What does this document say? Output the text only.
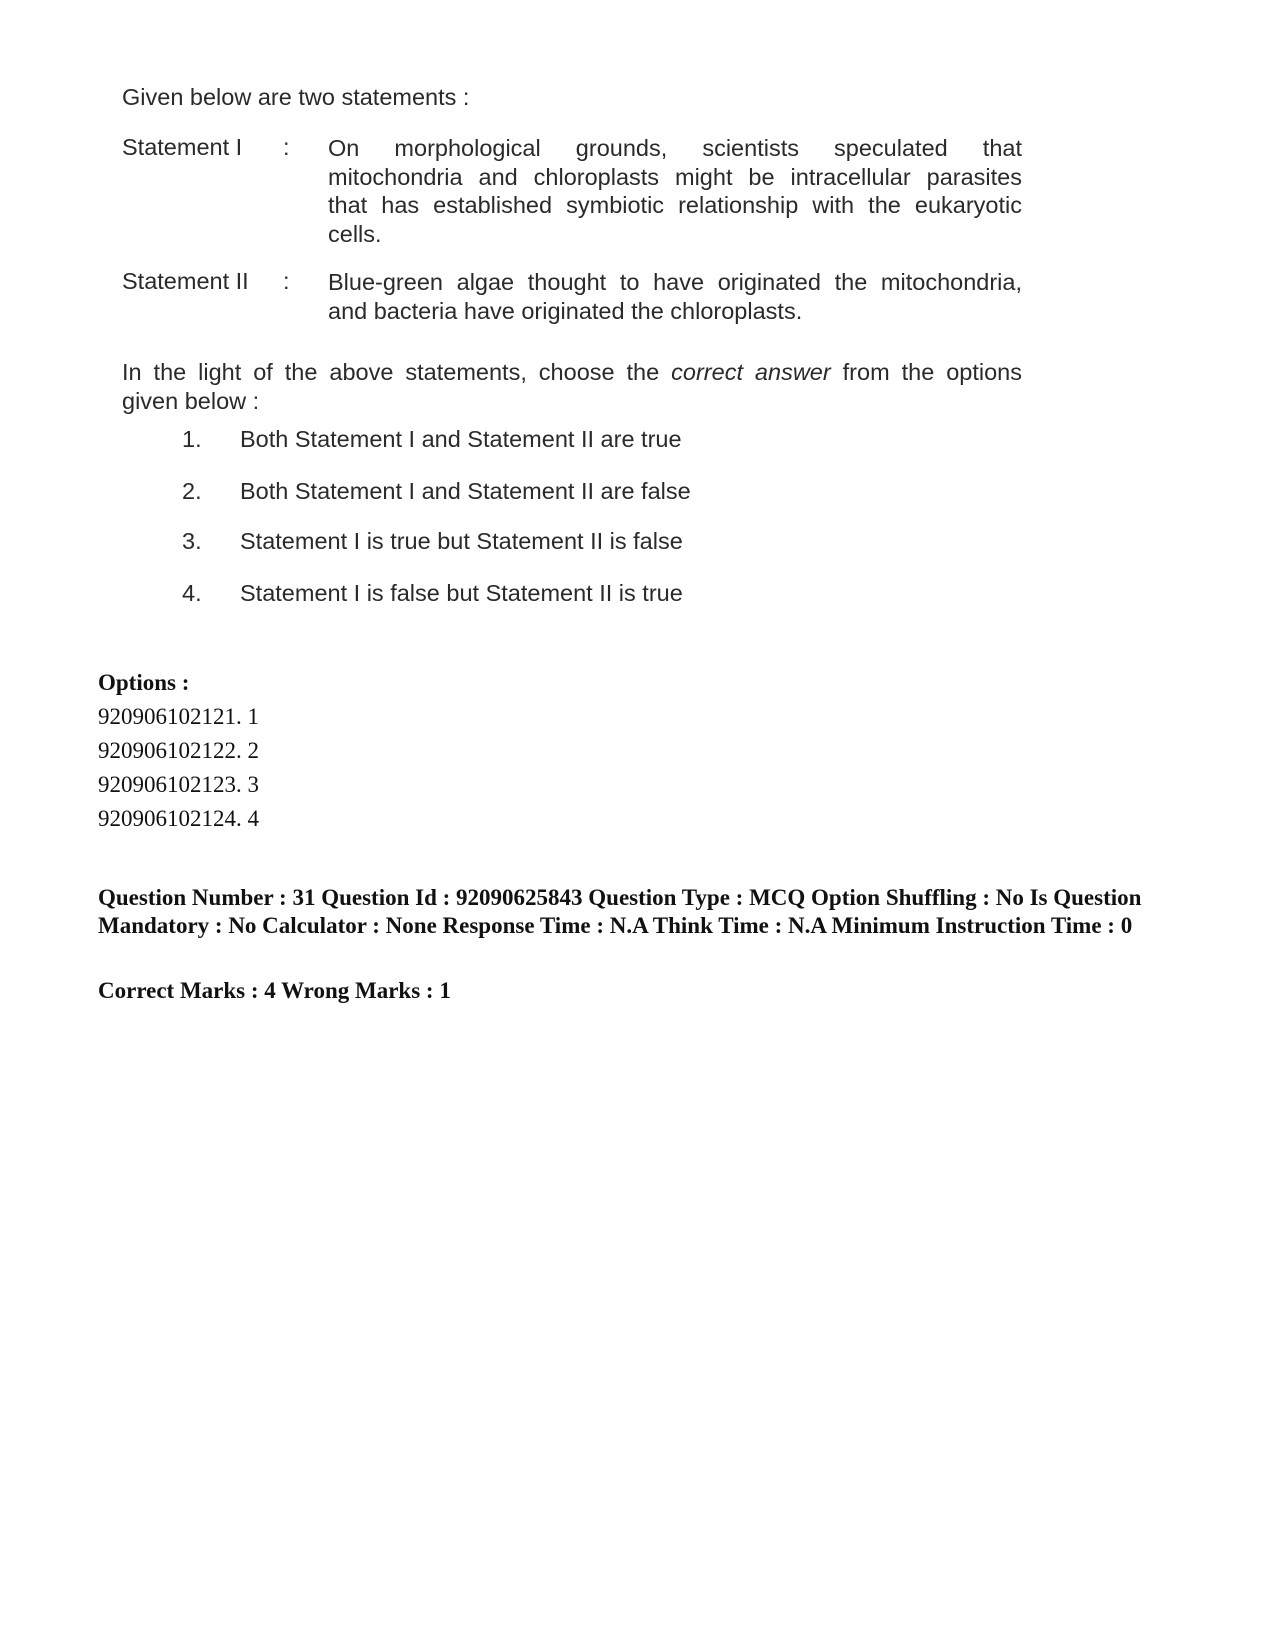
Given below are two statements :
Statement I : On morphological grounds, scientists speculated that
mitochondria and chloroplasts might be intracellular parasites
that has established symbiotic relationship with the eukaryotic
cells.
Statement II : Blue-green algae thought to have originated the mitochondria,
and bacteria have originated the chloroplasts.
In the light of the above statements, choose the correct answer from the options
given below :
1. Both Statement I and Statement II are true
2. Both Statement I and Statement II are false
3. Statement I is true but Statement II is false
4. Statement I is false but Statement II is true
Options :
920906102121. 1
920906102122. 2
920906102123. 3
920906102124. 4
Question Number : 31 Question Id : 92090625843 Question Type : MCQ Option Shuffling : No Is Question Mandatory : No Calculator : None Response Time : N.A Think Time : N.A Minimum Instruction Time : 0
Correct Marks : 4 Wrong Marks : 1
